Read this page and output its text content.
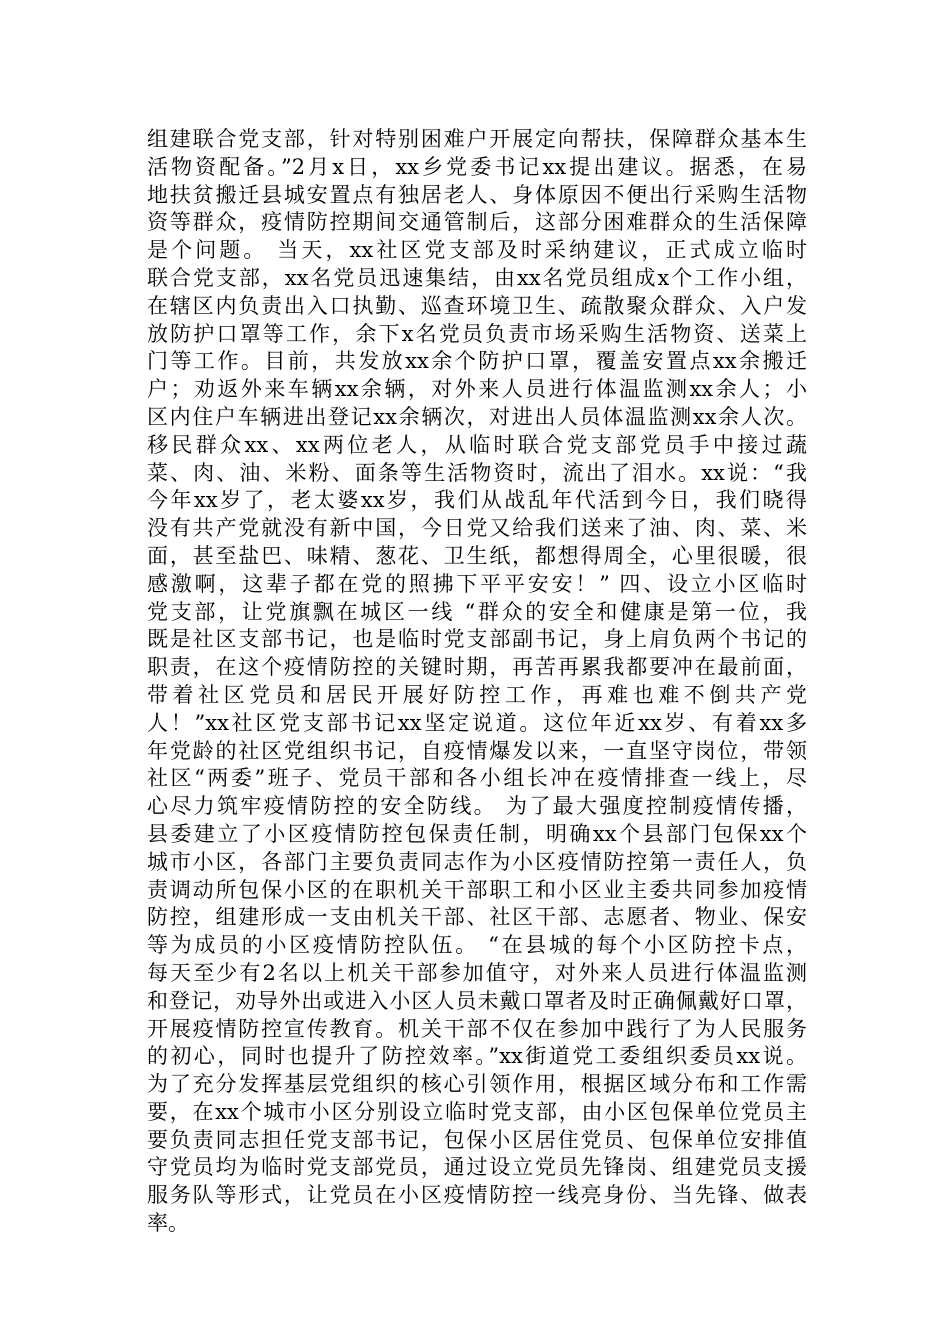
组建联合党支部，针对特别困难户开展定向帮扶，保障群众基本生
活物资配备。”2月x日，xx乡党委书记xx提出建议。据悉，在易
地扶贫搬迁县城安置点有独居老人、身体原因不便出行采购生活物
资等群众，疫情防控期间交通管制后，这部分困难群众的生活保障
是个问题。 当天，xx社区党支部及时采纳建议，正式成立临时
联合党支部，xx名党员迅速集结，由xx名党员组成x个工作小组，
在辖区内负责出入口执勤、巡查环境卫生、疏散聚众群众、入户发
放防护口罩等工作，余下x名党员负责市场采购生活物资、送菜上
门等工作。目前，共发放xx余个防护口罩，覆盖安置点xx余搬迁
户；劝返外来车辆xx余辆，对外来人员进行体温监测xx余人；小
区内住户车辆进出登记xx余辆次，对进出人员体温监测xx余人次。
移民群众xx、xx两位老人，从临时联合党支部党员手中接过蔬
菜、肉、油、米粉、面条等生活物资时，流出了泪水。xx说：“我
今年xx岁了，老太婆xx岁，我们从战乱年代活到今日，我们晓得
没有共产党就没有新中国，今日党又给我们送来了油、肉、菜、米
面，甚至盐巴、味精、葱花、卫生纸，都想得周全，心里很暖，很
感激啊，这辈子都在党的照拂下平平安安！” 四、设立小区临时
党支部，让党旗飘在城区一线 “群众的安全和健康是第一位，我
既是社区支部书记，也是临时党支部副书记，身上肩负两个书记的
职责，在这个疫情防控的关键时期，再苦再累我都要冲在最前面，
带着社区党员和居民开展好防控工作，再难也难不倒共产党
人！”xx社区党支部书记xx坚定说道。这位年近xx岁、有着xx多
年党龄的社区党组织书记，自疫情爆发以来，一直坚守岗位，带领
社区“两委”班子、党员干部和各小组长冲在疫情排查一线上，尽
心尽力筑牢疫情防控的安全防线。 为了最大强度控制疫情传播，
县委建立了小区疫情防控包保责任制，明确xx个县部门包保xx个
城市小区，各部门主要负责同志作为小区疫情防控第一责任人，负
责调动所包保小区的在职机关干部职工和小区业主委共同参加疫情
防控，组建形成一支由机关干部、社区干部、志愿者、物业、保安
等为成员的小区疫情防控队伍。 “在县城的每个小区防控卡点，
每天至少有2名以上机关干部参加值守，对外来人员进行体温监测
和登记，劝导外出或进入小区人员未戴口罩者及时正确佩戴好口罩，
开展疫情防控宣传教育。机关干部不仅在参加中践行了为人民服务
的初心，同时也提升了防控效率。”xx街道党工委组织委员xx说。
为了充分发挥基层党组织的核心引领作用，根据区域分布和工作需
要，在xx个城市小区分别设立临时党支部，由小区包保单位党员主
要负责同志担任党支部书记，包保小区居住党员、包保单位安排值
守党员均为临时党支部党员，通过设立党员先锋岗、组建党员支援
服务队等形式，让党员在小区疫情防控一线亮身份、当先锋、做表
率。
